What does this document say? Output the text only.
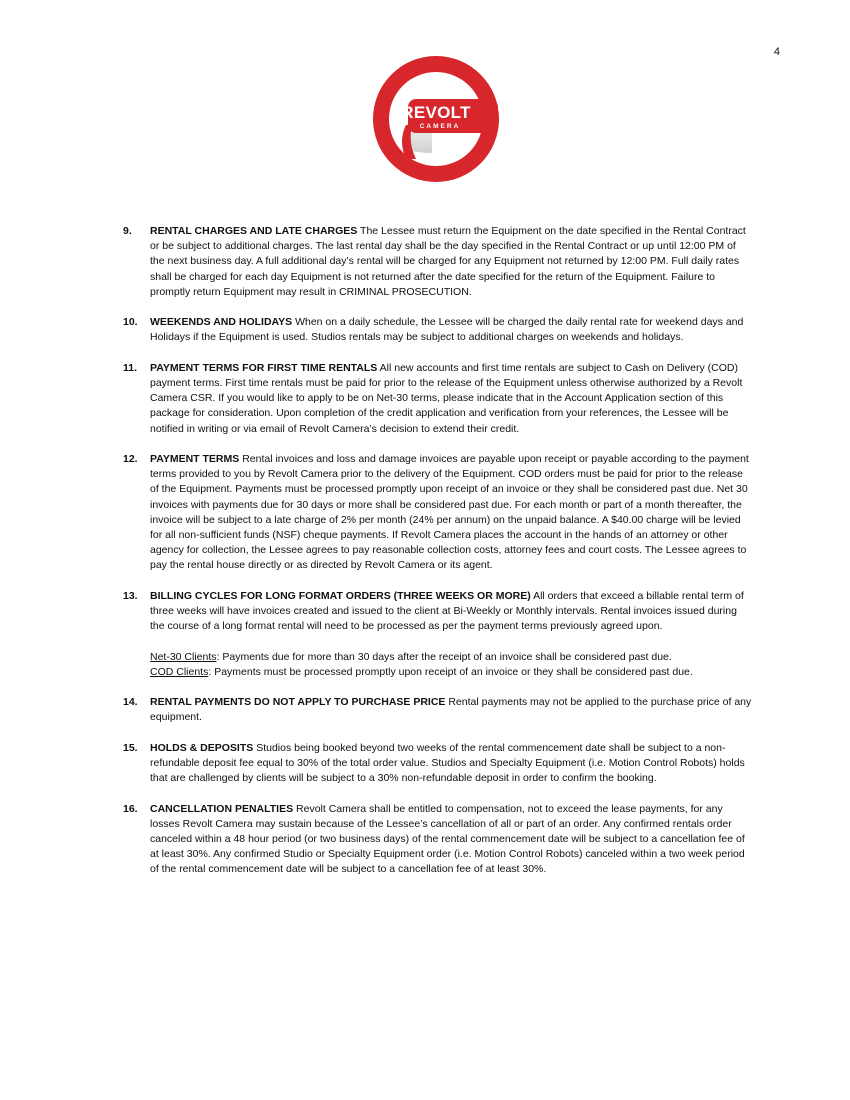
4
REVOLT
CAMERA
9. RENTAL CHARGES AND LATE CHARGES The Lessee must return the Equipment on the date specified in the Rental Contract or be subject to additional charges. The last rental day shall be the day specified in the Rental Contract or up until 12:00 PM of the next business day. A full additional day’s rental will be charged for any Equipment not returned by 12:00 PM. Full daily rates shall be charged for each day Equipment is not returned after the date specified for the return of the Equipment. Failure to promptly return Equipment may result in CRIMINAL PROSECUTION.
10. WEEKENDS AND HOLIDAYS When on a daily schedule, the Lessee will be charged the daily rental rate for weekend days and Holidays if the Equipment is used. Studios rentals may be subject to additional charges on weekends and holidays.
11. PAYMENT TERMS FOR FIRST TIME RENTALS All new accounts and first time rentals are subject to Cash on Delivery (COD) payment terms. First time rentals must be paid for prior to the release of the Equipment unless otherwise authorized by a Revolt Camera CSR. If you would like to apply to be on Net-30 terms, please indicate that in the Account Application section of this package for consideration. Upon completion of the credit application and verification from your references, the Lessee will be notified in writing or via email of Revolt Camera’s decision to extend their credit.
12. PAYMENT TERMS Rental invoices and loss and damage invoices are payable upon receipt or payable according to the payment terms provided to you by Revolt Camera prior to the delivery of the Equipment. COD orders must be paid for prior to the release of the Equipment. Payments must be processed promptly upon receipt of an invoice or they shall be considered past due. Net 30 invoices with payments due for 30 days or more shall be considered past due. For each month or part of a month thereafter, the invoice will be subject to a late charge of 2% per month (24% per annum) on the unpaid balance. A $40.00 charge will be levied for all non-sufficient funds (NSF) cheque payments. If Revolt Camera places the account in the hands of an attorney or other agency for collection, the Lessee agrees to pay reasonable collection costs, attorney fees and court costs. The Lessee agrees to pay the rental house directly or as directed by Revolt Camera or its agent.
13. BILLING CYCLES FOR LONG FORMAT ORDERS (THREE WEEKS OR MORE) All orders that exceed a billable rental term of three weeks will have invoices created and issued to the client at Bi-Weekly or Monthly intervals. Rental invoices issued during the course of a long format rental will need to be processed as per the payment terms previously agreed upon.
Net-30 Clients: Payments due for more than 30 days after the receipt of an invoice shall be considered past due.
COD Clients: Payments must be processed promptly upon receipt of an invoice or they shall be considered past due.
14. RENTAL PAYMENTS DO NOT APPLY TO PURCHASE PRICE Rental payments may not be applied to the purchase price of any equipment.
15. HOLDS & DEPOSITS Studios being booked beyond two weeks of the rental commencement date shall be subject to a non-refundable deposit fee equal to 30% of the total order value. Studios and Specialty Equipment (i.e. Motion Control Robots) holds that are challenged by clients will be subject to a 30% non-refundable deposit in order to confirm the booking.
16. CANCELLATION PENALTIES Revolt Camera shall be entitled to compensation, not to exceed the lease payments, for any losses Revolt Camera may sustain because of the Lessee’s cancellation of all or part of an order. Any confirmed rentals order canceled within a 48 hour period (or two business days) of the rental commencement date will be subject to a cancellation fee of at least 30%. Any confirmed Studio or Specialty Equipment order (i.e. Motion Control Robots) canceled within a two week period of the rental commencement date will be subject to a cancellation fee of at least 30%.
